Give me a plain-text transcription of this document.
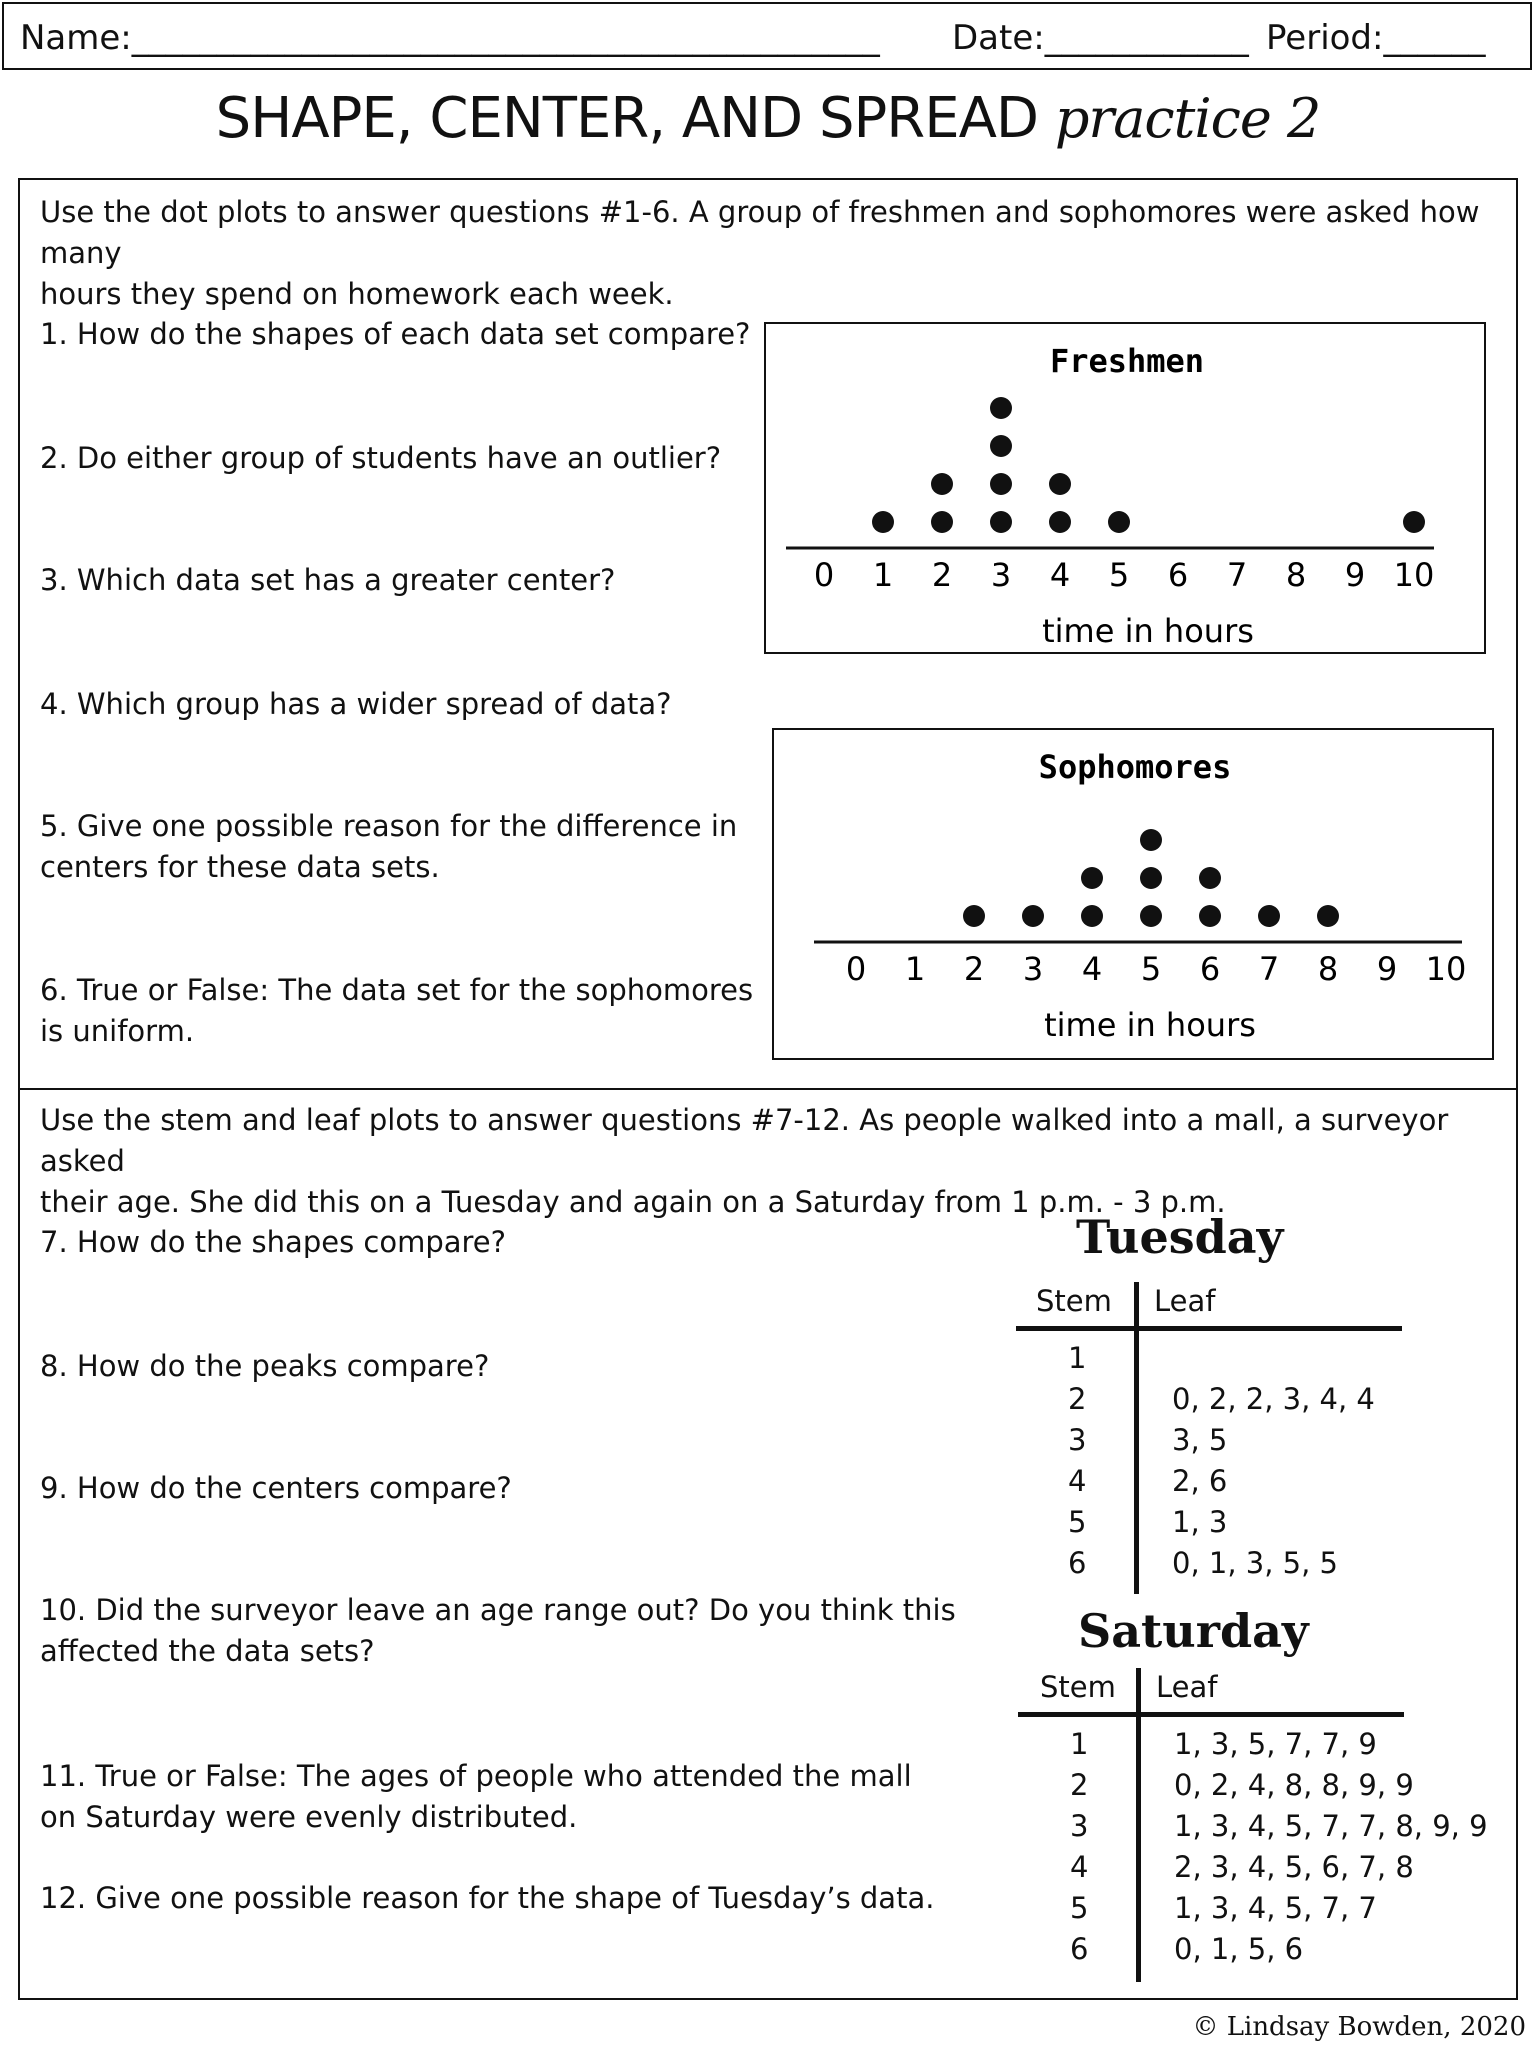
Name:____________________________________________ Date:____________ Period:______
SHAPE, CENTER, AND SPREAD practice 2
Use the dot plots to answer questions #1-6. A group of freshmen and sophomores were asked how many
hours they spend on homework each week.
1. How do the shapes of each data set compare?
2. Do either group of students have an outlier?
3. Which data set has a greater center?
4. Which group has a wider spread of data?
5. Give one possible reason for the difference in
centers for these data sets.
6. True or False: The data set for the sophomores
is uniform.
Freshmen
0 1 2 3 4 5 6 7 8 9 10
time in hours
Sophomores
0 1 2 3 4 5 6 7 8 9 10
time in hours
Use the stem and leaf plots to answer questions #7-12. As people walked into a mall, a surveyor asked
their age. She did this on a Tuesday and again on a Saturday from 1 p.m. - 3 p.m.
7. How do the shapes compare?
8. How do the peaks compare?
9. How do the centers compare?
10. Did the surveyor leave an age range out? Do you think this
affected the data sets?
11. True or False: The ages of people who attended the mall
on Saturday were evenly distributed.
12. Give one possible reason for the shape of Tuesday’s data.
Tuesday
Stem Leaf
1
2	0, 2, 2, 3, 4, 4
3	3, 5
4	2, 6
5	1, 3
6	0, 1, 3, 5, 5
Saturday
Stem Leaf
1	1, 3, 5, 7, 7, 9
2	0, 2, 4, 8, 8, 9, 9
3	1, 3, 4, 5, 7, 7, 8, 9, 9
4	2, 3, 4, 5, 6, 7, 8
5	1, 3, 4, 5, 7, 7
6	0, 1, 5, 6
© Lindsay Bowden, 2020
